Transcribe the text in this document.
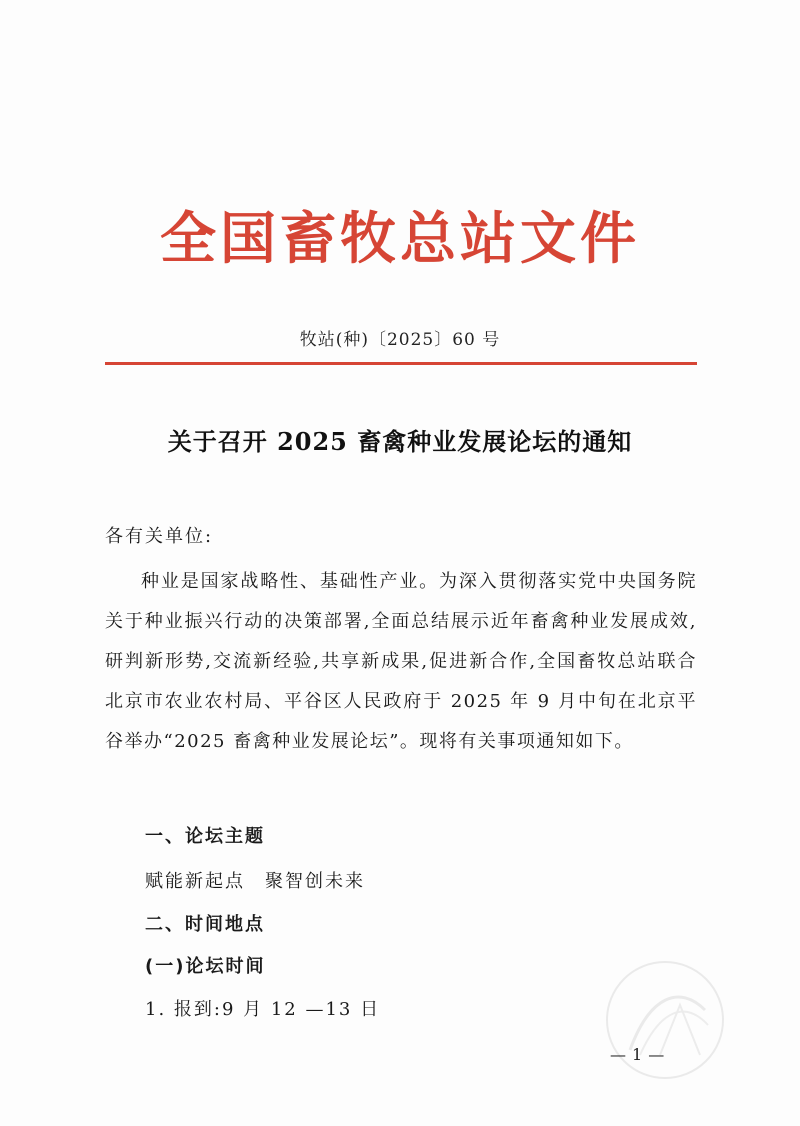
全国畜牧总站文件
牧站(种)〔2025〕60 号
关于召开 2025 畜禽种业发展论坛的通知
各有关单位:

种业是国家战略性、基础性产业。为深入贯彻落实党中央国务院关于种业振兴行动的决策部署,全面总结展示近年畜禽种业发展成效,研判新形势,交流新经验,共享新成果,促进新合作,全国畜牧总站联合北京市农业农村局、平谷区人民政府于 2025 年 9 月中旬在北京平谷举办“2025 畜禽种业发展论坛”。现将有关事项通知如下。

一、论坛主题
赋能新起点　聚智创未来
二、时间地点
(一)论坛时间
1. 报到:9 月 12 —13 日
— 1 —
